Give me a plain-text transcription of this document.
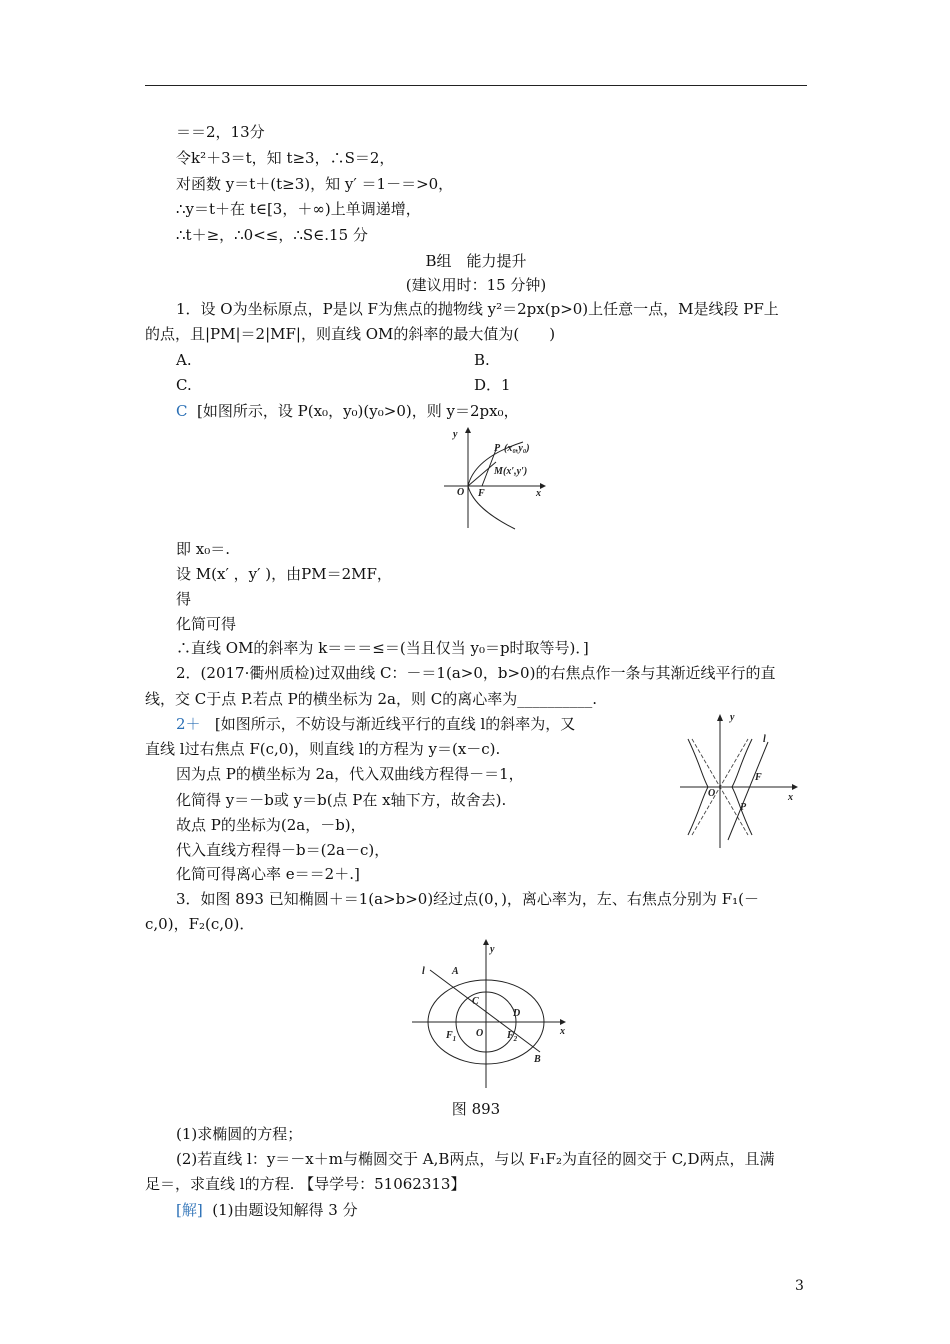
＝＝2，13分
令k²＋3＝t，知 t≥3，∴S＝2，
对函数 y＝t＋(t≥3)，知 y′ ＝1－＝>0，
∴y＝t＋在 t∈[3，＋∞)上单调递增，
∴t＋≥，∴0<≤，∴S∈.15 分
B组　能力提升
(建议用时：15 分钟)
1．设 O为坐标原点，P是以 F为焦点的抛物线 y²＝2px(p>0)上任意一点，M是线段 PF上
的点，且|PM|＝2|MF|，则直线 OM的斜率的最大值为(　　)
A.	B.
C.	D．1
C [如图所示，设 P(x₀，y₀)(y₀>0)，则 y＝2px₀，
y
x
O F
P (x₀,y₀)
M (x′,y′)
即 x₀＝.
设 M(x′ ，y′ )，由PM＝2MF，
得
化简可得
∴直线 OM的斜率为 k＝＝＝≤＝(当且仅当 y₀＝p时取等号)．]
2．(2017·衢州质检)过双曲线 C：－＝1(a>0，b>0)的右焦点作一条与其渐近线平行的直
线，交 C于点 P.若点 P的横坐标为 2a，则 C的离心率为__________.
2＋ [如图所示，不妨设与渐近线平行的直线 l的斜率为，又
直线 l过右焦点 F(c,0)，则直线 l的方程为 y＝(x－c).
因为点 P的横坐标为 2a，代入双曲线方程得－＝1，
化简得 y＝－b或 y＝b(点 P在 x轴下方，故舍去).
故点 P的坐标为(2a，－b)，
代入直线方程得－b＝(2a－c)，
化简可得离心率 e＝＝2＋.]
y
x
O
F
P
l
3．如图 893 已知椭圆＋＝1(a>b>0)经过点(0，)，离心率为，左、右焦点分别为 F₁(－
c,0)，F₂(c,0)．
y
x
O
l	A
B
C
D
$F_1$	$F_2$
图 893
(1)求椭圆的方程；
(2)若直线 l：y＝－x＋m与椭圆交于 A,B两点，与以 F₁F₂为直径的圆交于 C,D两点，且满
足＝，求直线 l的方程. 【导学号：51062313】
[解] (1)由题设知解得 3 分
3
